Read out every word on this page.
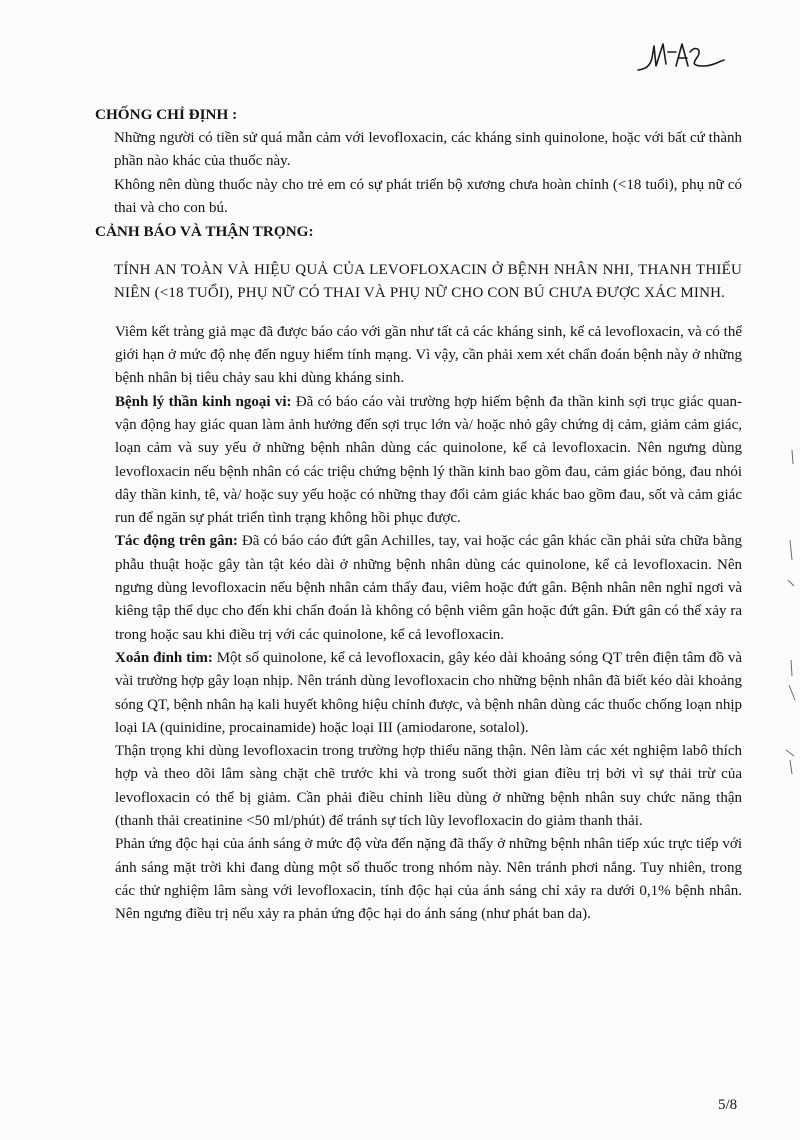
CHỐNG CHỈ ĐỊNH :

Những người có tiền sử quá mẫn cảm với levofloxacin, các kháng sinh quinolone, hoặc với bất cứ thành phần nào khác của thuốc này.

Không nên dùng thuốc này cho trẻ em có sự phát triển bộ xương chưa hoàn chỉnh (<18 tuổi), phụ nữ có thai và cho con bú.

CẢNH BÁO VÀ THẬN TRỌNG:

TÍNH AN TOÀN VÀ HIỆU QUẢ CỦA LEVOFLOXACIN Ở BỆNH NHÂN NHI, THANH THIẾU NIÊN (<18 TUỔI), PHỤ NỮ CÓ THAI VÀ PHỤ NỮ CHO CON BÚ CHƯA ĐƯỢC XÁC MINH.

Viêm kết tràng giả mạc đã được báo cáo với gần như tất cả các kháng sinh, kể cả levofloxacin, và có thể giới hạn ở mức độ nhẹ đến nguy hiểm tính mạng. Vì vậy, cần phải xem xét chẩn đoán bệnh này ở những bệnh nhân bị tiêu chảy sau khi dùng kháng sinh.

Bệnh lý thần kinh ngoại vi: Đã có báo cáo vài trường hợp hiếm bệnh đa thần kinh sợi trục giác quan-vận động hay giác quan làm ảnh hưởng đến sợi trục lớn và/ hoặc nhỏ gây chứng dị cảm, giảm cảm giác, loạn cảm và suy yếu ở những bệnh nhân dùng các quinolone, kể cả levofloxacin. Nên ngưng dùng levofloxacin nếu bệnh nhân có các triệu chứng bệnh lý thần kinh bao gồm đau, cảm giác bỏng, đau nhói dây thần kinh, tê, và/ hoặc suy yếu hoặc có những thay đổi cảm giác khác bao gồm đau, sốt và cảm giác run để ngăn sự phát triển tình trạng không hồi phục được.

Tác động trên gân: Đã có báo cáo đứt gân Achilles, tay, vai hoặc các gân khác cần phải sửa chữa bằng phẫu thuật hoặc gây tàn tật kéo dài ở những bệnh nhân dùng các quinolone, kể cả levofloxacin. Nên ngưng dùng levofloxacin nếu bệnh nhân cảm thấy đau, viêm hoặc đứt gân. Bệnh nhân nên nghỉ ngơi và kiêng tập thể dục cho đến khi chẩn đoán là không có bệnh viêm gân hoặc đứt gân. Đứt gân có thể xảy ra trong hoặc sau khi điều trị với các quinolone, kể cả levofloxacin.

Xoắn đỉnh tim: Một số quinolone, kể cả levofloxacin, gây kéo dài khoảng sóng QT trên điện tâm đồ và vài trường hợp gây loạn nhịp. Nên tránh dùng levofloxacin cho những bệnh nhân đã biết kéo dài khoảng sóng QT, bệnh nhân hạ kali huyết không hiệu chỉnh được, và bệnh nhân dùng các thuốc chống loạn nhịp loại IA (quinidine, procainamide) hoặc loại III (amiodarone, sotalol).

Thận trọng khi dùng levofloxacin trong trường hợp thiểu năng thận. Nên làm các xét nghiệm labô thích hợp và theo dõi lâm sàng chặt chẽ trước khi và trong suốt thời gian điều trị bởi vì sự thải trừ của levofloxacin có thể bị giảm. Cần phải điều chỉnh liều dùng ở những bệnh nhân suy chức năng thận (thanh thải creatinine <50 ml/phút) để tránh sự tích lũy levofloxacin do giảm thanh thải.

Phản ứng độc hại của ánh sáng ở mức độ vừa đến nặng đã thấy ở những bệnh nhân tiếp xúc trực tiếp với ánh sáng mặt trời khi đang dùng một số thuốc trong nhóm này. Nên tránh phơi nắng. Tuy nhiên, trong các thử nghiệm lâm sàng với levofloxacin, tính độc hại của ánh sáng chỉ xảy ra dưới 0,1% bệnh nhân. Nên ngưng điều trị nếu xảy ra phản ứng độc hại do ánh sáng (như phát ban da).

5/8
